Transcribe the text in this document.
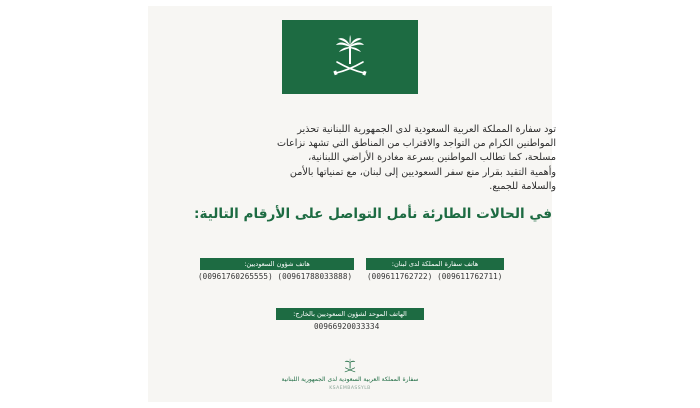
تود سفارة المملكة العربية السعودية لدى الجمهورية اللبنانية تحذير
المواطنين الكرام من التواجد والاقتراب من المناطق التي تشهد نزاعات
مسلحة، كما تطالب المواطنين بسرعة مغادرة الأراضي اللبنانية،
وأهمية التقيد بقرار منع سفر السعوديين إلى لبنان، مع تمنياتها بالأمن
والسلامة للجميع.
في الحالات الطارئة نأمل التواصل على الأرقام التالية:
هاتف سفارة المملكة لدى لبنان:
(009611762722) (009611762711)
هاتف شؤون السعوديين:
(00961760265555) (00961788033888)
الهاتف الموحد لشؤون السعوديين بالخارج:
00966920033334
سفارة المملكة العربية السعودية لدى الجمهورية اللبنانية
KSAEMBASSYLB
